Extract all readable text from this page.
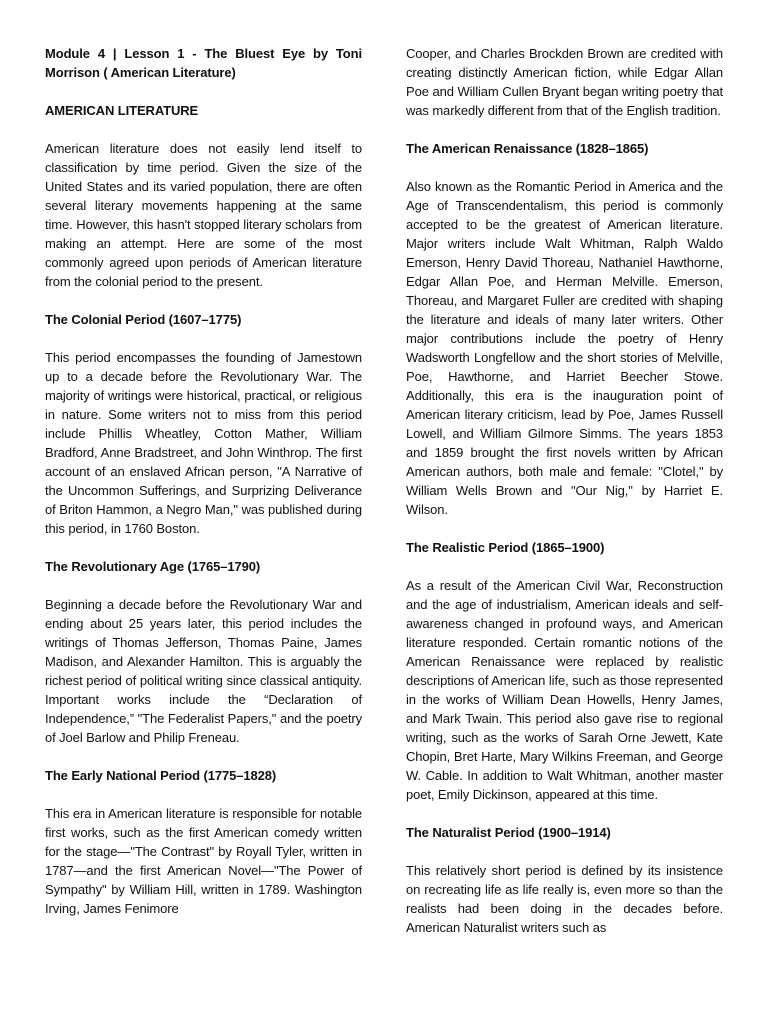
Module 4 | Lesson 1 - The Bluest Eye by Toni Morrison ( American Literature)

AMERICAN LITERATURE

American literature does not easily lend itself to classification by time period. Given the size of the United States and its varied population, there are often several literary movements happening at the same time. However, this hasn't stopped literary scholars from making an attempt. Here are some of the most commonly agreed upon periods of American literature from the colonial period to the present.

The Colonial Period (1607–1775)

This period encompasses the founding of Jamestown up to a decade before the Revolutionary War. The majority of writings were historical, practical, or religious in nature. Some writers not to miss from this period include Phillis Wheatley, Cotton Mather, William Bradford, Anne Bradstreet, and John Winthrop. The first account of an enslaved African person, "A Narrative of the Uncommon Sufferings, and Surprizing Deliverance of Briton Hammon, a Negro Man," was published during this period, in 1760 Boston.

The Revolutionary Age (1765–1790)

Beginning a decade before the Revolutionary War and ending about 25 years later, this period includes the writings of Thomas Jefferson, Thomas Paine, James Madison, and Alexander Hamilton. This is arguably the richest period of political writing since classical antiquity. Important works include the “Declaration of Independence,” "The Federalist Papers," and the poetry of Joel Barlow and Philip Freneau.

The Early National Period (1775–1828)

This era in American literature is responsible for notable first works, such as the first American comedy written for the stage—"The Contrast" by Royall Tyler, written in 1787—and the first American Novel—"The Power of Sympathy" by William Hill, written in 1789. Washington Irving, James Fenimore

Cooper, and Charles Brockden Brown are credited with creating distinctly American fiction, while Edgar Allan Poe and William Cullen Bryant began writing poetry that was markedly different from that of the English tradition.

The American Renaissance (1828–1865)

Also known as the Romantic Period in America and the Age of Transcendentalism, this period is commonly accepted to be the greatest of American literature. Major writers include Walt Whitman, Ralph Waldo Emerson, Henry David Thoreau, Nathaniel Hawthorne, Edgar Allan Poe, and Herman Melville. Emerson, Thoreau, and Margaret Fuller are credited with shaping the literature and ideals of many later writers. Other major contributions include the poetry of Henry Wadsworth Longfellow and the short stories of Melville, Poe, Hawthorne, and Harriet Beecher Stowe. Additionally, this era is the inauguration point of American literary criticism, lead by Poe, James Russell Lowell, and William Gilmore Simms. The years 1853 and 1859 brought the first novels written by African American authors, both male and female: "Clotel," by William Wells Brown and "Our Nig," by Harriet E. Wilson.

The Realistic Period (1865–1900)

As a result of the American Civil War, Reconstruction and the age of industrialism, American ideals and self-awareness changed in profound ways, and American literature responded. Certain romantic notions of the American Renaissance were replaced by realistic descriptions of American life, such as those represented in the works of William Dean Howells, Henry James, and Mark Twain. This period also gave rise to regional writing, such as the works of Sarah Orne Jewett, Kate Chopin, Bret Harte, Mary Wilkins Freeman, and George W. Cable. In addition to Walt Whitman, another master poet, Emily Dickinson, appeared at this time.

The Naturalist Period (1900–1914)

This relatively short period is defined by its insistence on recreating life as life really is, even more so than the realists had been doing in the decades before. American Naturalist writers such as
